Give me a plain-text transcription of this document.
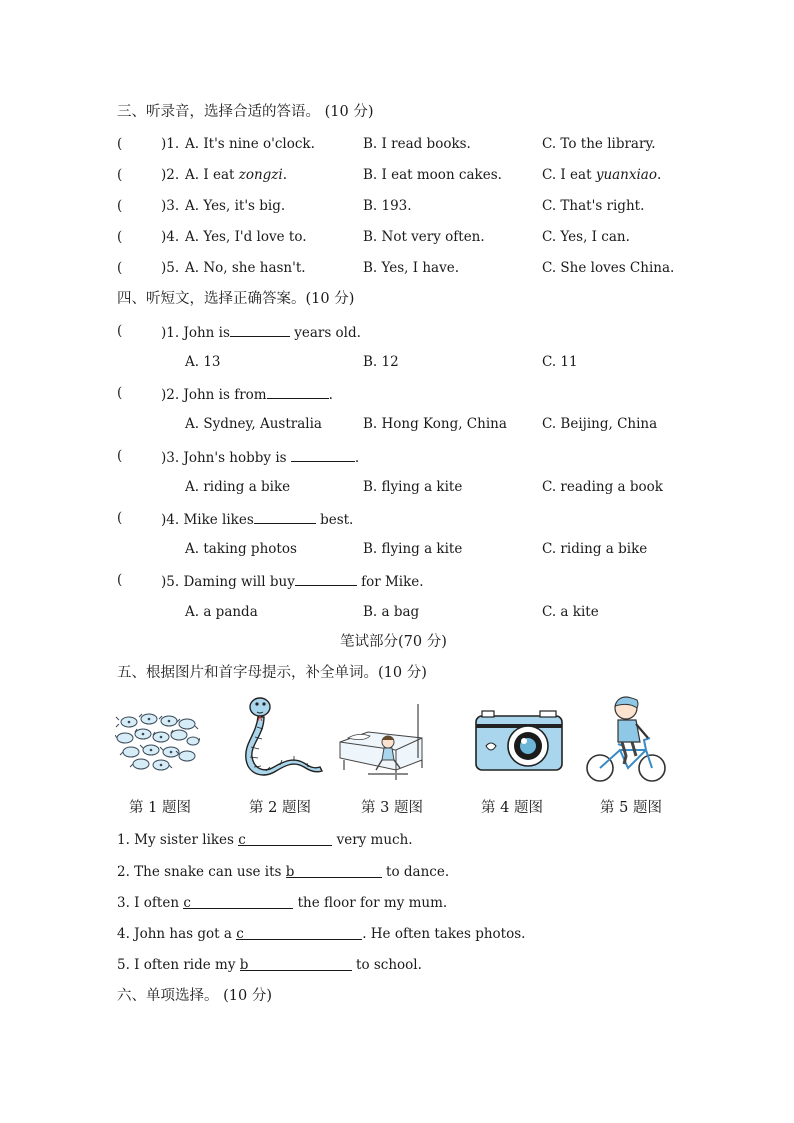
三、听录音，选择合适的答语。 (10 分)
(	)1. A. It's nine o'clock.	B. I read books.	C. To the library.
(	)2. A. I eat zongzi.	B. I eat moon cakes.	C. I eat yuanxiao.
(	)3. A. Yes, it's big.	B. 193.	C. That's right.
(	)4. A. Yes, I'd love to.	B. Not very often.	C. Yes, I can.
(	)5. A. No, she hasn't.	B. Yes, I have.	C. She loves China.
四、听短文，选择正确答案。(10 分)
(	)1. John is	years old.
A. 13	B. 12	C. 11
(	)2. John is from	.
A. Sydney, Australia	B. Hong Kong, China	C. Beijing, China
(	)3. John's hobby is	.
A. riding a bike	B. flying a kite	C. reading a book
(	)4. Mike likes	best.
A. taking photos	B. flying a kite	C. riding a bike
(	)5. Daming will buy	for Mike.
A. a panda	B. a bag	C. a kite
笔试部分(70 分)
五、根据图片和首字母提示，补全单词。(10 分)
第 1 题图	第 2 题图	第 3 题图	第 4 题图	第 5 题图
1. My sister likes c	very much.
2. The snake can use its b	to dance.
3. I often c	the floor for my mum.
4. John has got a c	. He often takes photos.
5. I often ride my b	to school.
六、单项选择。 (10 分)
